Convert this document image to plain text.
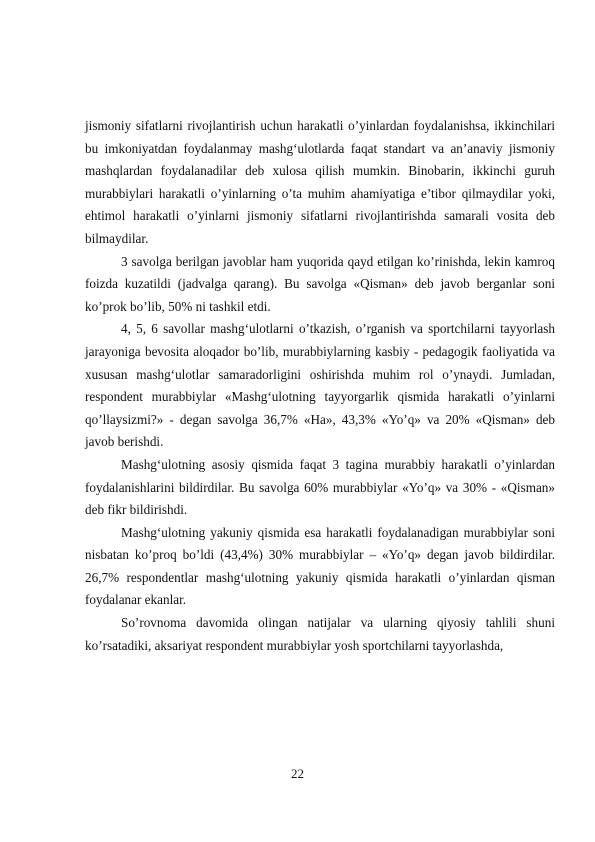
jismoniy sifatlarni rivojlantirish uchun harakatli o’yinlardan foydalanishsa, ikkinchilari bu imkoniyatdan foydalanmay mashg‘ulotlarda faqat standart va an’anaviy jismoniy mashqlardan foydalanadilar deb xulosa qilish mumkin. Binobarin, ikkinchi guruh murabbiylari harakatli o’yinlarning o’ta muhim ahamiyatiga e’tibor qilmaydilar yoki, ehtimol harakatli o’yinlarni jismoniy sifatlarni rivojlantirishda samarali vosita deb bilmaydilar.

3 savolga berilgan javoblar ham yuqorida qayd etilgan ko’rinishda, lekin kamroq foizda kuzatildi (jadvalga qarang). Bu savolga «Qisman» deb javob berganlar soni ko’prok bo’lib, 50% ni tashkil etdi.

4, 5, 6 savollar mashg‘ulotlarni o’tkazish, o’rganish va sportchilarni tayyorlash jarayoniga bevosita aloqador bo’lib, murabbiylarning kasbiy - pedagogik faoliyatida va xususan mashg‘ulotlar samaradorligini oshirishda muhim rol o’ynaydi. Jumladan, respondent murabbiylar «Mashg‘ulotning tayyorgarlik qismida harakatli o’yinlarni qo’llaysizmi?» - degan savolga 36,7% «Ha», 43,3% «Yo’q» va 20% «Qisman» deb javob berishdi.

Mashg‘ulotning asosiy qismida faqat 3 tagina murabbiy harakatli o’yinlardan foydalanishlarini bildirdilar. Bu savolga 60% murabbiylar «Yo’q» va 30% - «Qisman» deb fikr bildirishdi.

Mashg‘ulotning yakuniy qismida esa harakatli foydalanadigan murabbiylar soni nisbatan ko’proq bo’ldi (43,4%) 30% murabbiylar – «Yo’q» degan javob bildirdilar. 26,7% respondentlar mashg‘ulotning yakuniy qismida harakatli o’yinlardan qisman foydalanar ekanlar.

So’rovnoma davomida olingan natijalar va ularning qiyosiy tahlili shuni ko’rsatadiki, aksariyat respondent murabbiylar yosh sportchilarni tayyorlashda,

22
